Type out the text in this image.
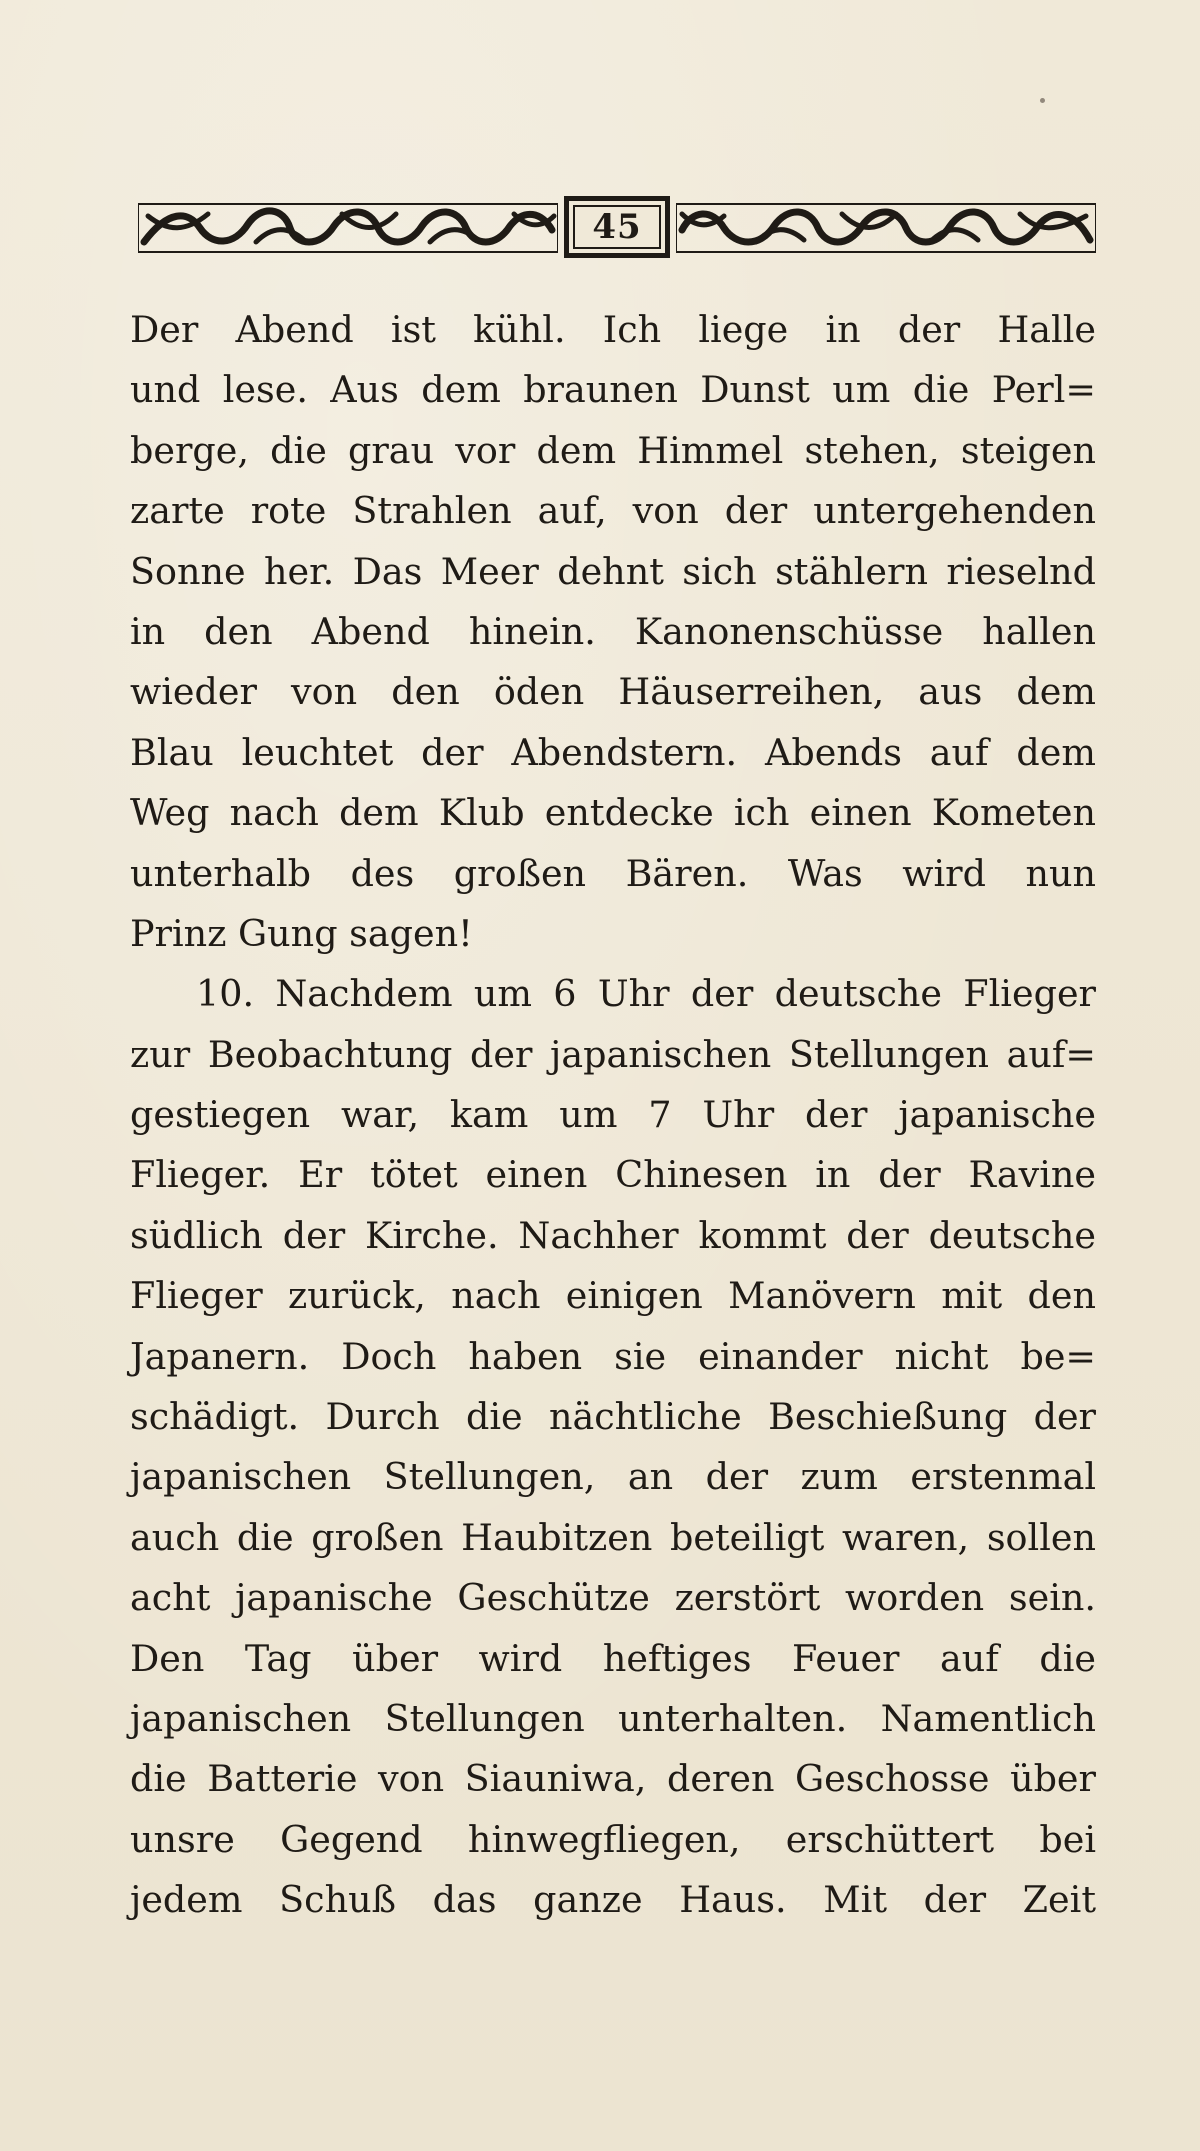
45
Der Abend ist kühl. Ich liege in der Halle
und lese. Aus dem braunen Dunst um die Perl=
berge, die grau vor dem Himmel stehen, steigen
zarte rote Strahlen auf, von der untergehenden
Sonne her. Das Meer dehnt sich stählern rieselnd
in den Abend hinein. Kanonenschüsse hallen
wieder von den öden Häuserreihen, aus dem
Blau leuchtet der Abendstern. Abends auf dem
Weg nach dem Klub entdecke ich einen Kometen
unterhalb des großen Bären. Was wird nun
Prinz Gung sagen!
10. Nachdem um 6 Uhr der deutsche Flieger
zur Beobachtung der japanischen Stellungen auf=
gestiegen war, kam um 7 Uhr der japanische
Flieger. Er tötet einen Chinesen in der Ravine
südlich der Kirche. Nachher kommt der deutsche
Flieger zurück, nach einigen Manövern mit den
Japanern. Doch haben sie einander nicht be=
schädigt. Durch die nächtliche Beschießung der
japanischen Stellungen, an der zum erstenmal
auch die großen Haubitzen beteiligt waren, sollen
acht japanische Geschütze zerstört worden sein.
Den Tag über wird heftiges Feuer auf die
japanischen Stellungen unterhalten. Namentlich
die Batterie von Siauniwa, deren Geschosse über
unsre Gegend hinwegfliegen, erschüttert bei
jedem Schuß das ganze Haus. Mit der Zeit
